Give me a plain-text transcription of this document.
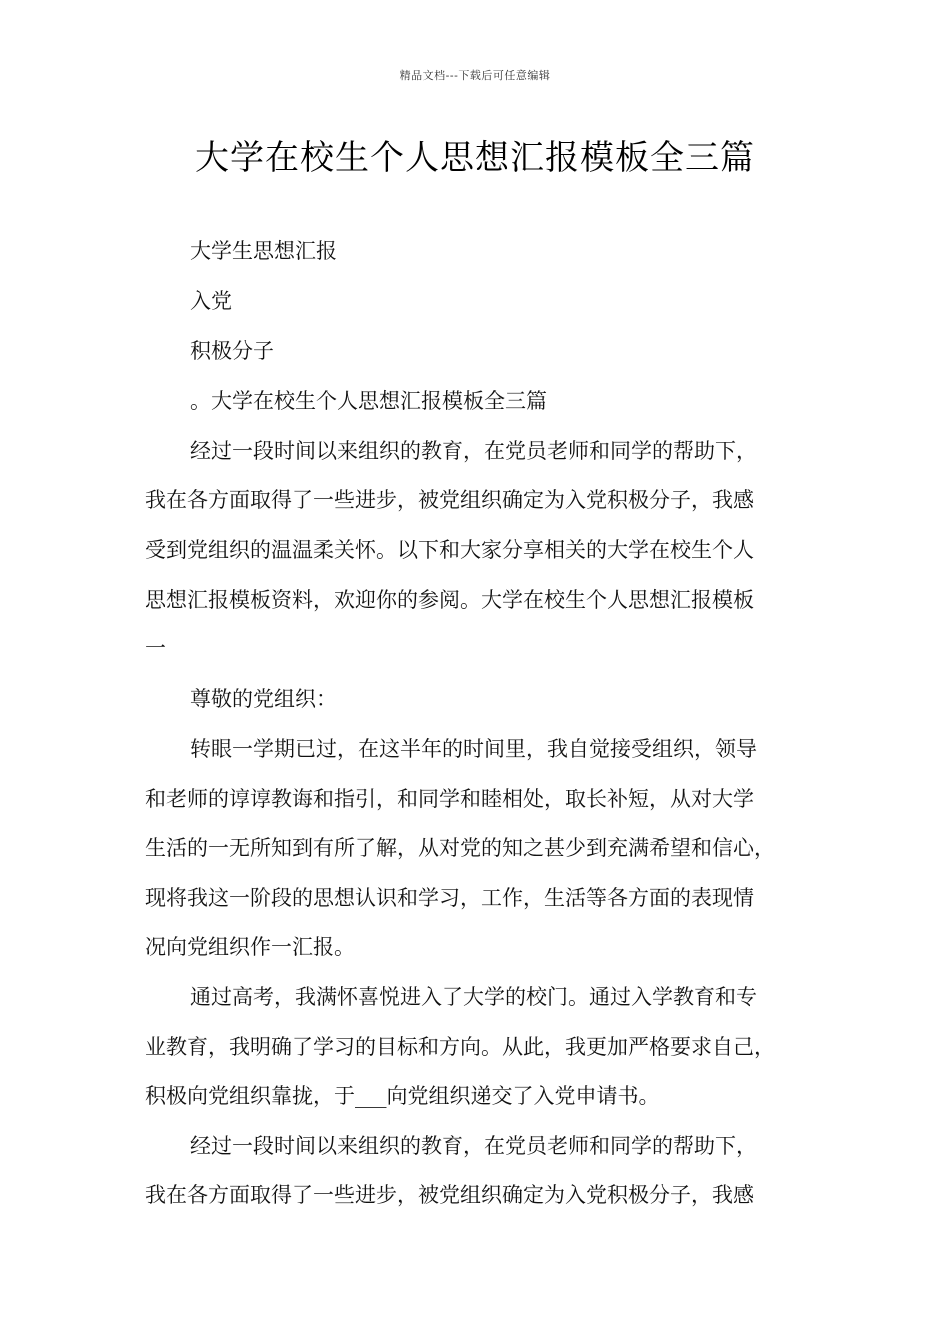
精品文档---下载后可任意编辑
大学在校生个人思想汇报模板全三篇
大学生思想汇报
入党
积极分子
。大学在校生个人思想汇报模板全三篇
经过一段时间以来组织的教育，在党员老师和同学的帮助下，
我在各方面取得了一些进步，被党组织确定为入党积极分子，我感
受到党组织的温温柔关怀。以下和大家分享相关的大学在校生个人
思想汇报模板资料，欢迎你的参阅。大学在校生个人思想汇报模板
一
尊敬的党组织：
转眼一学期已过，在这半年的时间里，我自觉接受组织，领导
和老师的谆谆教诲和指引，和同学和睦相处，取长补短，从对大学
生活的一无所知到有所了解，从对党的知之甚少到充满希望和信心，
现将我这一阶段的思想认识和学习，工作，生活等各方面的表现情
况向党组织作一汇报。
通过高考，我满怀喜悦进入了大学的校门。通过入学教育和专
业教育，我明确了学习的目标和方向。从此，我更加严格要求自己，
积极向党组织靠拢，于___向党组织递交了入党申请书。
经过一段时间以来组织的教育，在党员老师和同学的帮助下，
我在各方面取得了一些进步，被党组织确定为入党积极分子，我感
